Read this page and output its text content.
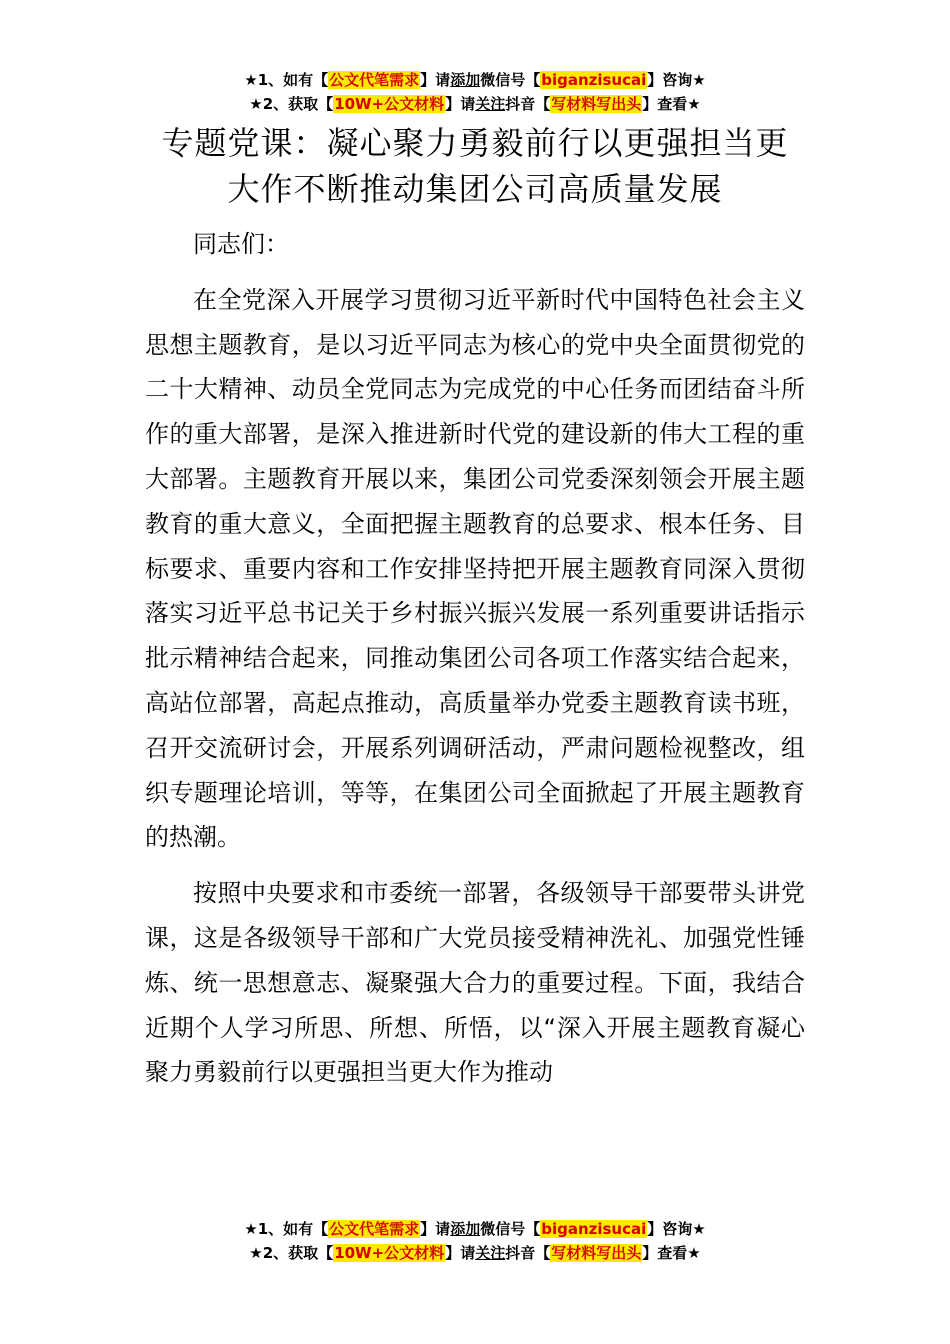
★1、如有【公文代笔需求】请添加微信号【biganzisucai】咨询★
★2、获取【10W+公文材料】请关注抖音【写材料写出头】查看★
专题党课：凝心聚力勇毅前行以更强担当更
大作不断推动集团公司高质量发展

同志们：

在全党深入开展学习贯彻习近平新时代中国特色社会主义思想主题教育，是以习近平同志为核心的党中央全面贯彻党的二十大精神、动员全党同志为完成党的中心任务而团结奋斗所作的重大部署，是深入推进新时代党的建设新的伟大工程的重大部署。主题教育开展以来，集团公司党委深刻领会开展主题教育的重大意义，全面把握主题教育的总要求、根本任务、目标要求、重要内容和工作安排坚持把开展主题教育同深入贯彻落实习近平总书记关于乡村振兴振兴发展一系列重要讲话指示批示精神结合起来，同推动集团公司各项工作落实结合起来，高站位部署，高起点推动，高质量举办党委主题教育读书班，召开交流研讨会，开展系列调研活动，严肃问题检视整改，组织专题理论培训，等等，在集团公司全面掀起了开展主题教育的热潮。

按照中央要求和市委统一部署，各级领导干部要带头讲党课，这是各级领导干部和广大党员接受精神洗礼、加强党性锤炼、统一思想意志、凝聚强大合力的重要过程。下面，我结合近期个人学习所思、所想、所悟，以“深入开展主题教育凝心聚力勇毅前行以更强担当更大作为推动

★1、如有【公文代笔需求】请添加微信号【biganzisucai】咨询★
★2、获取【10W+公文材料】请关注抖音【写材料写出头】查看★
